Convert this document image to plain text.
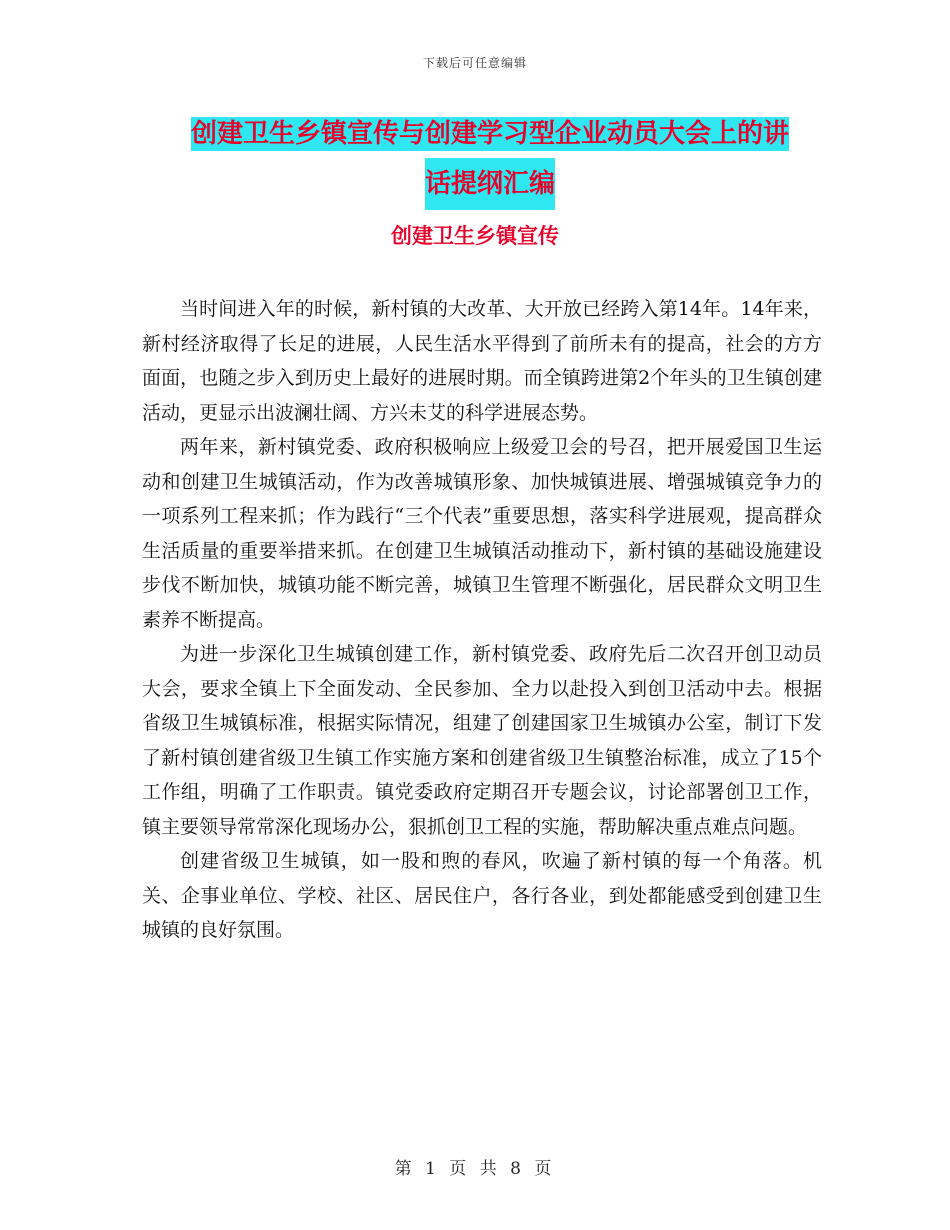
下载后可任意编辑
创建卫生乡镇宣传与创建学习型企业动员大会上的讲
话提纲汇编
创建卫生乡镇宣传

当时间进入年的时候，新村镇的大改革、大开放已经跨入第14年。14年来，新村经济取得了长足的进展，人民生活水平得到了前所未有的提高，社会的方方面面，也随之步入到历史上最好的进展时期。而全镇跨进第2个年头的卫生镇创建活动，更显示出波澜壮阔、方兴未艾的科学进展态势。

两年来，新村镇党委、政府积极响应上级爱卫会的号召，把开展爱国卫生运动和创建卫生城镇活动，作为改善城镇形象、加快城镇进展、增强城镇竞争力的一项系列工程来抓；作为践行“三个代表”重要思想，落实科学进展观，提高群众生活质量的重要举措来抓。在创建卫生城镇活动推动下，新村镇的基础设施建设步伐不断加快，城镇功能不断完善，城镇卫生管理不断强化，居民群众文明卫生素养不断提高。

为进一步深化卫生城镇创建工作，新村镇党委、政府先后二次召开创卫动员大会，要求全镇上下全面发动、全民参加、全力以赴投入到创卫活动中去。根据省级卫生城镇标准，根据实际情况，组建了创建国家卫生城镇办公室，制订下发了新村镇创建省级卫生镇工作实施方案和创建省级卫生镇整治标准，成立了15个工作组，明确了工作职责。镇党委政府定期召开专题会议，讨论部署创卫工作，镇主要领导常常深化现场办公，狠抓创卫工程的实施，帮助解决重点难点问题。

创建省级卫生城镇，如一股和煦的春风，吹遍了新村镇的每一个角落。机关、企事业单位、学校、社区、居民住户，各行各业，到处都能感受到创建卫生城镇的良好氛围。

第 1 页 共 8 页
